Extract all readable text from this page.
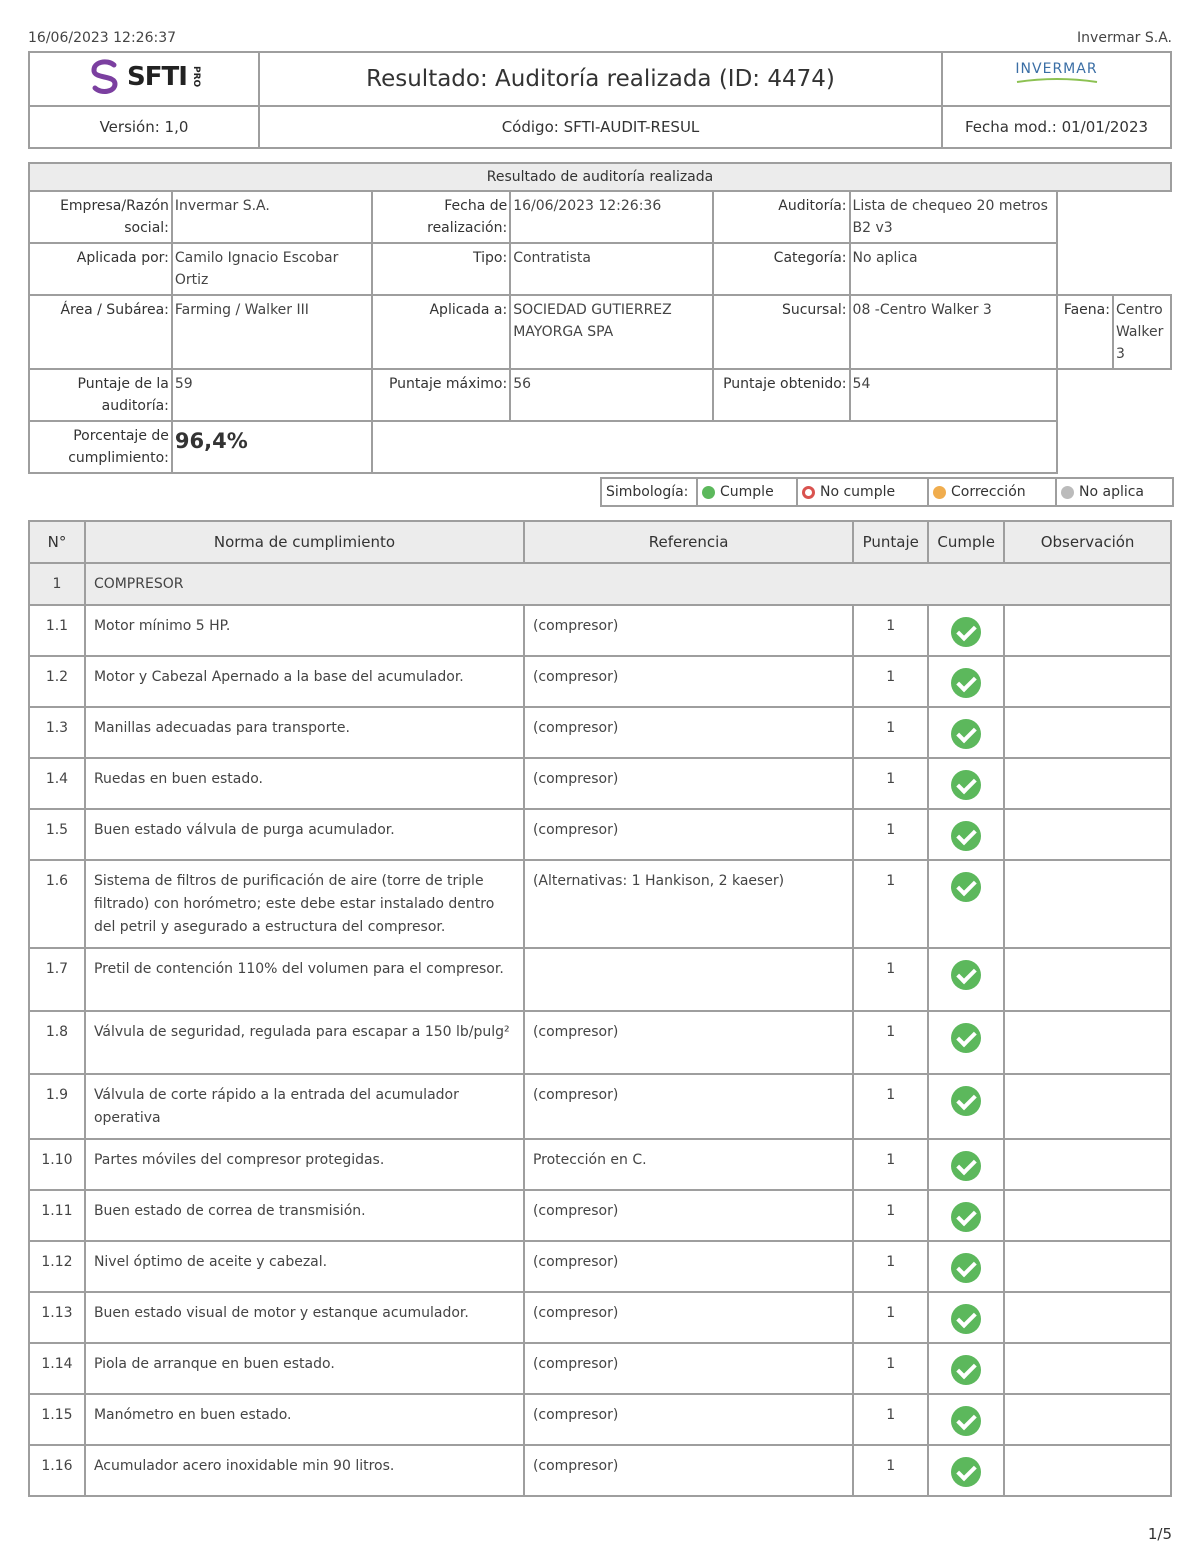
16/06/2023 12:26:37	Invermar S.A.
SFTI PRO	Resultado: Auditoría realizada (ID: 4474)	INVERMAR

Versión: 1,0	Código: SFTI-AUDIT-RESUL	Fecha mod.: 01/01/2023
Resultado de auditoría realizada							
Empresa/Razón social:	Invermar S.A.	Fecha de realización:	16/06/2023 12:26:36	Auditoría:	Lista de chequeo 20 metros B2 v3		
Aplicada por:	Camilo Ignacio Escobar Ortiz	Tipo:	Contratista	Categoría:	No aplica		
Área / Subárea:	Farming / Walker III	Aplicada a:	SOCIEDAD GUTIERREZ MAYORGA SPA	Sucursal:	08 -Centro Walker 3	Faena:	Centro Walker 3
Puntaje de la auditoría:	59	Puntaje máximo:	56	Puntaje obtenido:	54		
Porcentaje de cumplimiento:	96,4%						
Simbología:	Cumple	No cumple	Corrección	No aplica
N°	Norma de cumplimiento	Referencia	Puntaje	Cumple	Observación
1	COMPRESOR				
1.1	Motor mínimo 5 HP.	(compresor)	1		
1.2	Motor y Cabezal Apernado a la base del acumulador.	(compresor)	1		
1.3	Manillas adecuadas para transporte.	(compresor)	1		
1.4	Ruedas en buen estado.	(compresor)	1		
1.5	Buen estado válvula de purga acumulador.	(compresor)	1		
1.6	Sistema de filtros de purificación de aire (torre de triple filtrado) con horómetro; este debe estar instalado dentro del petril y asegurado a estructura del compresor.	(Alternativas: 1 Hankison, 2 kaeser)	1		
1.7	Pretil de contención 110% del volumen para el compresor.		1		
1.8	Válvula de seguridad, regulada para escapar a 150 lb/pulg²	(compresor)	1		
1.9	Válvula de corte rápido a la entrada del acumulador operativa	(compresor)	1		
1.10	Partes móviles del compresor protegidas.	Protección en C.	1		
1.11	Buen estado de correa de transmisión.	(compresor)	1		
1.12	Nivel óptimo de aceite y cabezal.	(compresor)	1		
1.13	Buen estado visual de motor y estanque acumulador.	(compresor)	1		
1.14	Piola de arranque en buen estado.	(compresor)	1		
1.15	Manómetro en buen estado.	(compresor)	1		
1.16	Acumulador acero inoxidable min 90 litros.	(compresor)	1		
1/5
